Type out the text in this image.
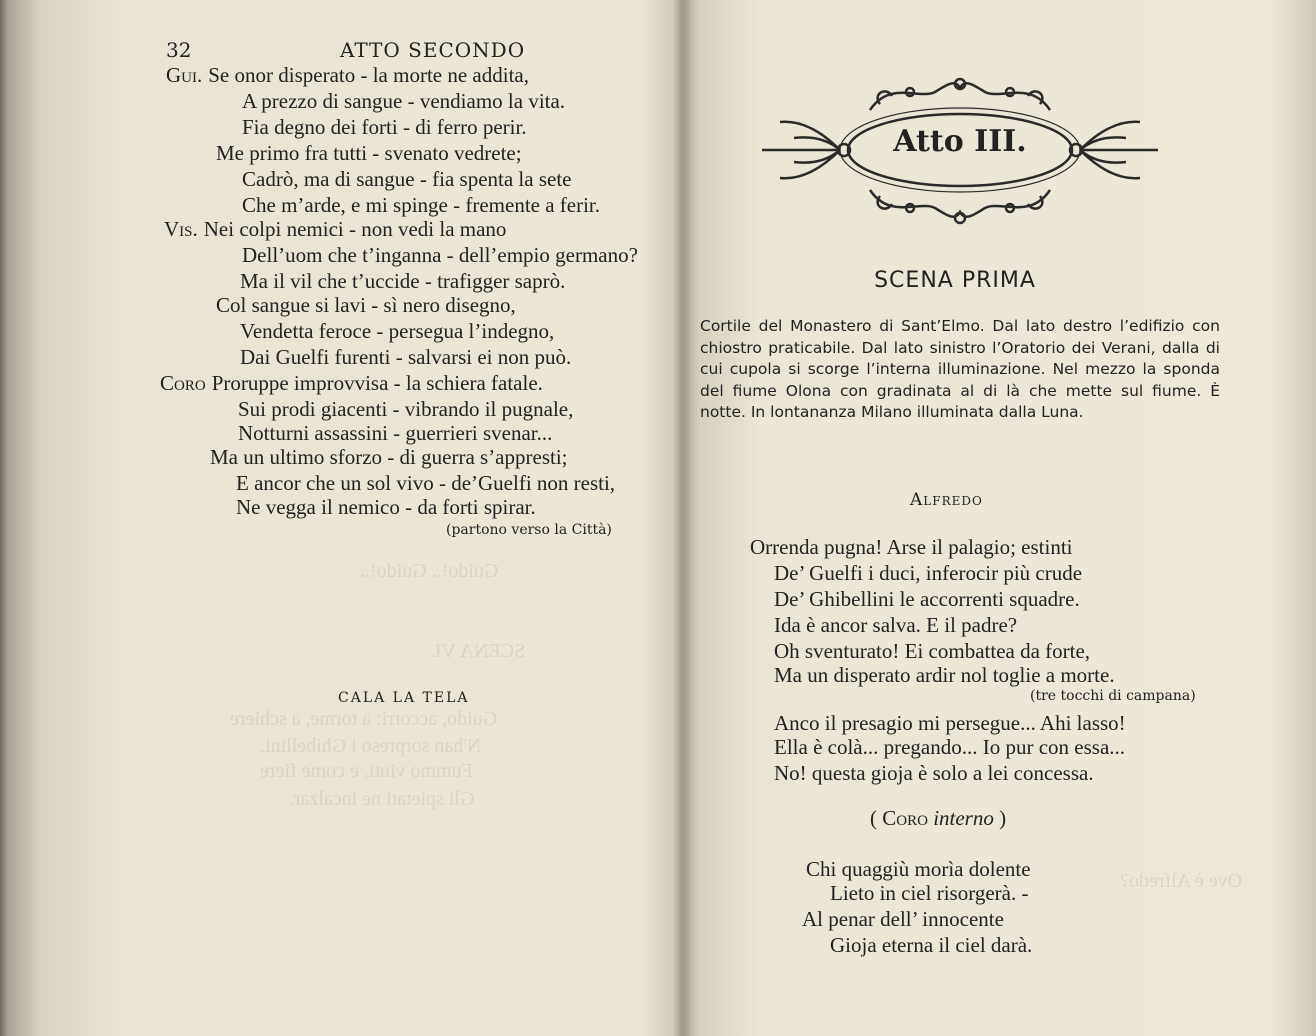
Guido!.. Guido!..
SCENA VI.
Guido, accorri: a torme, a schiere
N'han sorpreso i Ghibellini.
Fummo vinti, e come fiere
Gli spietati ne incalzar.
32	ATTO SECONDO
Gui. Se onor disperato - la morte ne addita,
A prezzo di sangue - vendiamo la vita.
Fia degno dei forti - di ferro perir.
Me primo fra tutti - svenato vedrete;
Cadrò, ma di sangue - fia spenta la sete
Che m’arde, e mi spinge - fremente a ferir.
Vis. Nei colpi nemici - non vedi la mano
Dell’uom che t’inganna - dell’empio germano?
Ma il vil che t’uccide - trafigger saprò.
Col sangue si lavi - sì nero disegno,
Vendetta feroce - persegua l’indegno,
Dai Guelfi furenti - salvarsi ei non può.
Coro Proruppe improvvisa - la schiera fatale.
Sui prodi giacenti - vibrando il pugnale,
Notturni assassini - guerrieri svenar...
Ma un ultimo sforzo - di guerra s’appresti;
E ancor che un sol vivo - de’Guelfi non resti,
Ne vegga il nemico - da forti spirar.
(partono verso la Città)
CALA LA TELA
Ove è Alfredo?
Atto III.
SCENA PRIMA
Cortile del Monastero di Sant’Elmo. Dal lato destro l’edifizio con chiostro praticabile. Dal lato sinistro l’Oratorio dei Verani, dalla di cui cupola si scorge l’interna illuminazione. Nel mezzo la sponda del fiume Olona con gradinata al di là che mette sul fiume. È notte. In lontananza Milano illuminata dalla Luna.
Alfredo
Orrenda pugna! Arse il palagio; estinti
De’ Guelfi i duci, inferocir più crude
De’ Ghibellini le accorrenti squadre.
Ida è ancor salva. E il padre?
Oh sventurato! Ei combattea da forte,
Ma un disperato ardir nol toglie a morte.
(tre tocchi di campana)
Anco il presagio mi persegue... Ahi lasso!
Ella è colà... pregando... Io pur con essa...
No! questa gioja è solo a lei concessa.
( Coro interno )
Chi quaggiù morìa dolente
Lieto in ciel risorgerà. -
Al penar dell’ innocente
Gioja eterna il ciel darà.
